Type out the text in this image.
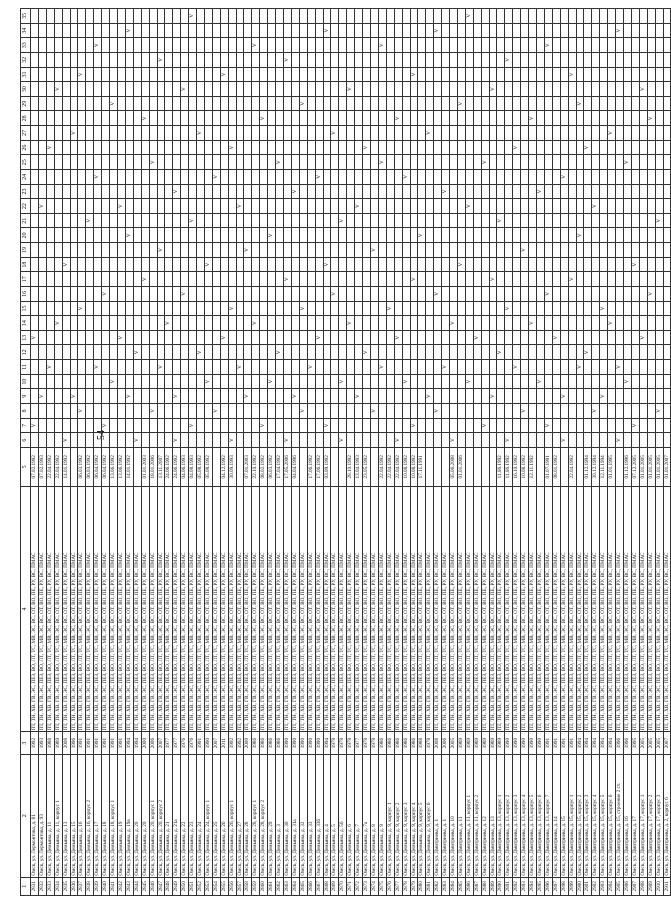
54
1	2	3	4	5	6	7	8	9	10	11	12	13	14	15	16	17	18	19	20	21	22	23	24	25	26	27	28	29	30	31	32	33	34	35
2831	Омск, ул. Лермонтова, д. 81	1992	ПТ, ТН, ХВ, ГВ, ЭС, ПЕЗ, ВО, ЛТ, ТС, МВ, ЭС, ВС, ОТ, ВО, ПЕ, РУ, ВС, ПМАС	07.02.1992		V						V																						
2832	Омск, ул. Лермонтова, д. 93	1993	ПТ, ТН, ХВ, ГВ, ЭС, ПЕЗ, ВО, ЛТ, ТС, МВ, ЭС, ВС, ОТ, ВО, ПЕ, РУ, ВС, ПМАС	07.02.1993				V													V													
2833	Омск, ул. Демьяна, д. 11	1988	ПТ, ТН, ХВ, ГВ, ЭС, ПЕЗ, ВО, ЛТ, ТС, МВ, ЭС, ВС, ОТ, ВО, ПЕ, РУ, ВС, ПМАС	22.04.1992						V															V									
2834	Омск, ул. Демьяна, д. 11, корпус 1	1989	ПТ, ТН, ХВ, ГВ, ЭС, ПЕЗ, ВО, ЛТ, ТС, МВ, ЭС, ВС, ОТ, ВО, ПЕ, РУ, ВС, ПМАС	22.04.1992									V																V					
2835	Омск, ул. Демьяна, д. 13	2008	ПТ, ТН, ХВ, ГВ, ЭС, ПЕЗ, ВО, ЛТ, ТС, МВ, ЭС, ВС, ОТ, ВО, ПЕ, РУ, ВС, ПМАС	14.01.1992	V												V																	
2836	Омск, ул. Демьяна, д. 15	1996	ПТ, ТН, ХВ, ГВ, ЭС, ПЕЗ, ВО, ЛТ, ТС, МВ, ЭС, ВС, ОТ, ВО, ПЕ, РУ, ВС, ПМАС					V																		V								
2837	Омск, ул. Демьяна, д. 16	1991	ПТ, ТН, ХВ, ГВ, ЭС, ПЕЗ, ВО, ЛТ, ТС, МВ, ЭС, ВС, ОТ, ВО, ПЕ, РУ, ВС, ПМАС	06.03.1992			V							V																V				
2838	Омск, ул. Демьяна, д. 16, корпус 2	1991	ПТ, ТН, ХВ, ГВ, ЭС, ПЕЗ, ВО, ЛТ, ТС, МВ, ЭС, ВС, ОТ, ВО, ПЕ, РУ, ВС, ПМАС	06.03.1992																V														
2839	Омск, ул. Демьяна, д. 17	1991	ПТ, ТН, ХВ, ГВ, ЭС, ПЕЗ, ВО, ЛТ, ТС, МВ, ЭС, ВС, ОТ, ВО, ПЕ, РУ, ВС, ПМАС	06.04.1992						V													V									V		
2840	Омск, ул. Демьяна, д. 18	1991	ПТ, ТН, ХВ, ГВ, ЭС, ПЕЗ, ВО, ЛТ, ТС, МВ, ЭС, ВС, ОТ, ВО, ПЕ, РУ, ВС, ПМАС	06.04.1992		V									V																			
2841	Омск, ул. Демьяна, д. 18, корпус 1	1991	ПТ, ТН, ХВ, ГВ, ЭС, ПЕЗ, ВО, ЛТ, ТС, МВ, ЭС, ВС, ОТ, ВО, ПЕ, РУ, ВС, ПМАС	13.06.1992					V																			V						
2842	Омск, ул. Демьяна, д. 19	1991	ПТ, ТН, ХВ, ГВ, ЭС, ПЕЗ, ВО, ЛТ, ТС, МВ, ЭС, ВС, ОТ, ВО, ПЕ, РУ, ВС, ПМАС	13.06.1992								V									V													
2843	Омск, ул. Демьяна, д. 19а	1994	ПТ, ТН, ХВ, ГВ, ЭС, ПЕЗ, ВО, ЛТ, ТС, МВ, ЭС, ВС, ОТ, ВО, ПЕ, РУ, ВС, ПМАС	14.01.1992				V											V														V	
2844	Омск, ул. Демьяна, д. 20	1994	ПТ, ТН, ХВ, ГВ, ЭС, ПЕЗ, ВО, ЛТ, ТС, МВ, ЭС, ВС, ОТ, ВО, ПЕ, РУ, ВС, ПМАС		V						V																							
2845	Омск, ул. Демьяна, д. 20	2000	ПТ, ТН, ХВ, ГВ, ЭС, ПЕЗ, ВО, ЛТ, ТС, МВ, ЭС, ВС, ОТ, ВО, ПЕ, РУ, ВС, ПМАС	01.01.2003												V											V							
2846	Омск, ул. Демьяна, д. 20, корпус 1	2006	ПТ, ТН, ХВ, ГВ, ЭС, ПЕЗ, ВО, ЛТ, ТС, МВ, ЭС, ВС, ОТ, ВО, ПЕ, РУ, ВС, ПМАС	18.01.2006			V																	V										
2847	Омск, ул. Демьяна, д. 20, корпус 2	2007	ПТ, ТН, ХВ, ГВ, ЭС, ПЕЗ, ВО, ЛТ, ТС, МВ, ЭС, ВС, ОТ, ВО, ПЕ, РУ, ВС, ПМАС	13.11.2007						V								V													V			
2848	Омск, ул. Демьяна, д. 21	1977	ПТ, ТН, ХВ, ГВ, ЭС, ПЕЗ, ВО, ЛТ, ТС, МВ, ЭС, ВС, ОТ, ВО, ПЕ, РУ, ВС, ПМАС	24.06.1992									V																					
2849	Омск, ул. Демьяна, д. 21а	1977	ПТ, ТН, ХВ, ГВ, ЭС, ПЕЗ, ВО, ЛТ, ТС, МВ, ЭС, ВС, ОТ, ВО, ПЕ, РУ, ВС, ПМАС	24.06.1992	V			V														V												
2850	Омск, ул. Демьяна, д. 22	1976	ПТ, ТН, ХВ, ГВ, ЭС, ПЕЗ, ВО, ЛТ, ТС, МВ, ЭС, ВС, ОТ, ВО, ПЕ, РУ, ВС, ПМАС	04.06.1993											V														V					
2851	Омск, ул. Демьяна, д. 23	1976	ПТ, ТН, ХВ, ГВ, ЭС, ПЕЗ, ВО, ЛТ, ТС, МВ, ЭС, ВС, ОТ, ВО, ПЕ, РУ, ВС, ПМАС	04.08.1993		V														V														V
2852	Омск, ул. Демьяна, д. 24	1991	ПТ, ТН, ХВ, ГВ, ЭС, ПЕЗ, ВО, ЛТ, ТС, МВ, ЭС, ВС, ОТ, ВО, ПЕ, РУ, ВС, ПМАС	05.08.1992							V															V								
2853	Омск, ул. Демьяна, д. 24, корпус 1	1990	ПТ, ТН, ХВ, ГВ, ЭС, ПЕЗ, ВО, ЛТ, ТС, МВ, ЭС, ВС, ОТ, ВО, ПЕ, РУ, ВС, ПМАС	05.08.1992					V								V																	
2854	Омск, ул. Демьяна, д. 25	2007	ПТ, ТН, ХВ, ГВ, ЭС, ПЕЗ, ВО, ЛТ, ТС, МВ, ЭС, ВС, ОТ, ВО, ПЕ, РУ, ВС, ПМАС				V																V											
2855	Омск, ул. Демьяна, д. 26	2011	ПТ, ТН, ХВ, ГВ, ЭС, ПЕЗ, ВО, ЛТ, ТС, МВ, ЭС, ВС, ОТ, ВО, ПЕ, РУ, ВС, ПМАС	04.12.1992								V																		V				
2856	Омск, ул. Демьяна, д. 26, корпус 1	1992	ПТ, ТН, ХВ, ГВ, ЭС, ПЕЗ, ВО, ЛТ, ТС, МВ, ЭС, ВС, ОТ, ВО, ПЕ, РУ, ВС, ПМАС	30.09.1993	V									V											V									
2857	Омск, ул. Демьяна, д. 27	1992	ПТ, ТН, ХВ, ГВ, ЭС, ПЕЗ, ВО, ЛТ, ТС, МВ, ЭС, ВС, ОТ, ВО, ПЕ, РУ, ВС, ПМАС							V											V													
2858	Омск, ул. Демьяна, д. 28	2000	ПТ, ТН, ХВ, ГВ, ЭС, ПЕЗ, ВО, ЛТ, ТС, МВ, ЭС, ВС, ОТ, ВО, ПЕ, РУ, ВС, ПМАС	07.01.2003				V										V																
2859	Омск, ул. Демьяна, д. 28, корпус 1	1986	ПТ, ТН, ХВ, ГВ, ЭС, ПЕЗ, ВО, ЛТ, ТС, МВ, ЭС, ВС, ОТ, ВО, ПЕ, РУ, ВС, ПМАС	22.10.1992									V																			V		
2860	Омск, ул. Демьяна, д. 28, корпус 2	1986	ПТ, ТН, ХВ, ГВ, ЭС, ПЕЗ, ВО, ЛТ, ТС, МВ, ЭС, ВС, ОТ, ВО, ПЕ, РУ, ВС, ПМАС	08.02.1992		V																					V							
2861	Омск, ул. Демьяна, д. 29	1986	ПТ, ТН, ХВ, ГВ, ЭС, ПЕЗ, ВО, ЛТ, ТС, МВ, ЭС, ВС, ОТ, ВО, ПЕ, РУ, ВС, ПМАС	06.03.1992					V										V															
2862	Омск, ул. Демьяна, д. 3	1986	ПТ, ТН, ХВ, ГВ, ЭС, ПЕЗ, ВО, ЛТ, ТС, МВ, ЭС, ВС, ОТ, ВО, ПЕ, РУ, ВС, ПМАС	17.04.1992							V													V										
2863	Омск, ул. Демьяна, д. 30	1990	ПТ, ТН, ХВ, ГВ, ЭС, ПЕЗ, ВО, ЛТ, ТС, МВ, ЭС, ВС, ОТ, ВО, ПЕ, РУ, ВС, ПМАС	17.05.2006	V											V															V			
2864	Омск, ул. Демьяна, д. 31а	1990	ПТ, ТН, ХВ, ГВ, ЭС, ПЕЗ, ВО, ЛТ, ТС, МВ, ЭС, ВС, ОТ, ВО, ПЕ, РУ, ВС, ПМАС	04.04.1996				V														V												
2865	Омск, ул. Демьяна, д. 32	1990	ПТ, ТН, ХВ, ГВ, ЭС, ПЕЗ, ВО, ЛТ, ТС, МВ, ЭС, ВС, ОТ, ВО, ПЕ, РУ, ВС, ПМАС				V							V														V						
2866	Омск, ул. Демьяна, д. 33	1990	ПТ, ТН, ХВ, ГВ, ЭС, ПЕЗ, ВО, ЛТ, ТС, МВ, ЭС, ВС, ОТ, ВО, ПЕ, РУ, ВС, ПМАС	17.06.1992						V																								
2867	Омск, ул. Демьяна, д. 33б	1990	ПТ, ТН, ХВ, ГВ, ЭС, ПЕЗ, ВО, ЛТ, ТС, МВ, ЭС, ВС, ОТ, ВО, ПЕ, РУ, ВС, ПМАС	17.06.1992								V											V											
2868	Омск, ул. Демьяна, д. 4	1994	ПТ, ТН, ХВ, ГВ, ЭС, ПЕЗ, ВО, ЛТ, ТС, МВ, ЭС, ВС, ОТ, ВО, ПЕ, РУ, ВС, ПМАС	03.09.1992		V											V																V	
2869	Омск, ул. Демьяна, д. 5	1978	ПТ, ТН, ХВ, ГВ, ЭС, ПЕЗ, ВО, ЛТ, ТС, МВ, ЭС, ВС, ОТ, ВО, ПЕ, РУ, ВС, ПМАС												V											V								
2870	Омск, ул. Демьяна, д. 5б	1978	ПТ, ТН, ХВ, ГВ, ЭС, ПЕЗ, ВО, ЛТ, ТС, МВ, ЭС, ВС, ОТ, ВО, ПЕ, РУ, ВС, ПМАС		V				V											V														
2871	Омск, ул. Демьяна, д. 6	1978	ПТ, ТН, ХВ, ГВ, ЭС, ПЕЗ, ВО, ЛТ, ТС, МВ, ЭС, ВС, ОТ, ВО, ПЕ, РУ, ВС, ПМАС	28.10.1992									V																V					
2872	Омск, ул. Демьяна, д. 7	1977	ПТ, ТН, ХВ, ГВ, ЭС, ПЕЗ, ВО, ЛТ, ТС, МВ, ЭС, ВС, ОТ, ВО, ПЕ, РУ, ВС, ПМАС	13.04.1993				V													V													
2873	Омск, ул. Демьяна, д. 7а	1978	ПТ, ТН, ХВ, ГВ, ЭС, ПЕЗ, ВО, ЛТ, ТС, МВ, ЭС, ВС, ОТ, ВО, ПЕ, РУ, ВС, ПМАС	23.05.1992							V														V									
2874	Омск, ул. Демьяна, д. 8	1978	ПТ, ТН, ХВ, ГВ, ЭС, ПЕЗ, ВО, ЛТ, ТС, МВ, ЭС, ВС, ОТ, ВО, ПЕ, РУ, ВС, ПМАС				V											V																
2875	Омск, ул. Демьяна, д. 9	1986	ПТ, ТН, ХВ, ГВ, ЭС, ПЕЗ, ВО, ЛТ, ТС, МВ, ЭС, ВС, ОТ, ВО, ПЕ, РУ, ВС, ПМАС	22.04.1992						V														V								V		
2876	Омск, ул. Демьяна, д. 9, корпус 1	1986	ПТ, ТН, ХВ, ГВ, ЭС, ПЕЗ, ВО, ЛТ, ТС, МВ, ЭС, ВС, ОТ, ВО, ПЕ, РУ, ВС, ПМАС	22.04.1992										V																				
2877	Омск, ул. Демьяна, д. 9, корпус 2	1986	ПТ, ТН, ХВ, ГВ, ЭС, ПЕЗ, ВО, ЛТ, ТС, МВ, ЭС, ВС, ОТ, ВО, ПЕ, РУ, ВС, ПМАС	22.04.1992	V							V															V							
2878	Омск, ул. Демьяна, д. 9, корпус 3	1986	ПТ, ТН, ХВ, ГВ, ЭС, ПЕЗ, ВО, ЛТ, ТС, МВ, ЭС, ВС, ОТ, ВО, ПЕ, РУ, ВС, ПМАС	10.08.1992					V														V											
2879	Омск, ул. Демьяна, д. 9, корпус 4	1986	ПТ, ТН, ХВ, ГВ, ЭС, ПЕЗ, ВО, ЛТ, ТС, МВ, ЭС, ВС, ОТ, ВО, ПЕ, РУ, ВС, ПМАС	10.08.1992		V										V														V				
2880	Омск, ул. Демьяна, д. 9, корпус 5	1988	ПТ, ТН, ХВ, ГВ, ЭС, ПЕЗ, ВО, ЛТ, ТС, МВ, ЭС, ВС, ОТ, ВО, ПЕ, РУ, ВС, ПМАС	17.11.1991															V															
2881	Омск, ул. Демьяна, д. 9, корпус 6	1978	ПТ, ТН, ХВ, ГВ, ЭС, ПЕЗ, ВО, ЛТ, ТС, МВ, ЭС, ВС, ОТ, ВО, ПЕ, РУ, ВС, ПМАС					V																		V								
2882	Омск, ул. Дмитриева, д. 1	2008	ПТ, ТН, ХВ, ГВ, ЭС, ПЕЗ, ВО, ЛТ, ТС, МВ, ЭС, ВС, ОТ, ВО, ПЕ, РУ, ВС, ПМАС				V								V																		V	
2883	Омск, ул. Дмитриева, д. 1	2006	ПТ, ТН, ХВ, ГВ, ЭС, ПЕЗ, ВО, ЛТ, ТС, МВ, ЭС, ВС, ОТ, ВО, ПЕ, РУ, ВС, ПМАС							V												V												
2884	Омск, ул. Дмитриева, д. 10	2005	ПТ, ТН, ХВ, ГВ, ЭС, ПЕЗ, ВО, ЛТ, ТС, МВ, ЭС, ВС, ОТ, ВО, ПЕ, РУ, ВС, ПМАС	05.06.2008	V								V																					
2885	Омск, ул. Дмитриева, д. 11	1989	ПТ, ТН, ХВ, ГВ, ЭС, ПЕЗ, ВО, ЛТ, ТС, МВ, ЭС, ВС, ОТ, ВО, ПЕ, РУ, ВС, ПМАС	01.01.2006													V											V						
2886	Омск, ул. Дмитриева, д. 11, корпус 1	1989	ПТ, ТН, ХВ, ГВ, ЭС, ПЕЗ, ВО, ЛТ, ТС, МВ, ЭС, ВС, ОТ, ВО, ПЕ, РУ, ВС, ПМАС						V												V													V
2887	Омск, ул. Дмитриева, д. 11, корпус 2	1989	ПТ, ТН, ХВ, ГВ, ЭС, ПЕЗ, ВО, ЛТ, ТС, МВ, ЭС, ВС, ОТ, ВО, ПЕ, РУ, ВС, ПМАС									V																						
2888	Омск, ул. Дмитриева, д. 12	1989	ПТ, ТН, ХВ, ГВ, ЭС, ПЕЗ, ВО, ЛТ, ТС, МВ, ЭС, ВС, ОТ, ВО, ПЕ, РУ, ВС, ПМАС			V																		V										
2889	Омск, ул. Дмитриева, д. 13	1989	ПТ, ТН, ХВ, ГВ, ЭС, ПЕЗ, ВО, ЛТ, ТС, МВ, ЭС, ВС, ОТ, ВО, ПЕ, РУ, ВС, ПМАС					V								V													V					
2890	Омск, ул. Дмитриева, д. 13, корпус 1	1989	ПТ, ТН, ХВ, ГВ, ЭС, ПЕЗ, ВО, ЛТ, ТС, МВ, ЭС, ВС, ОТ, ВО, ПЕ, РУ, ВС, ПМАС	11.06.1992							V									V														
2891	Омск, ул. Дмитриева, д. 13, корпус 2	1990	ПТ, ТН, ХВ, ГВ, ЭС, ПЕЗ, ВО, ЛТ, ТС, МВ, ЭС, ВС, ОТ, ВО, ПЕ, РУ, ВС, ПМАС	11.06.1992	V									V																	V			
2892	Омск, ул. Дмитриева, д. 13, корпус 3	1990	ПТ, ТН, ХВ, ГВ, ЭС, ПЕЗ, ВО, ЛТ, ТС, МВ, ЭС, ВС, ОТ, ВО, ПЕ, РУ, ВС, ПМАС	16.10.1992						V															V									
2893	Омск, ул. Дмитриева, д. 13, корпус 4	1990	ПТ, ТН, ХВ, ГВ, ЭС, ПЕЗ, ВО, ЛТ, ТС, МВ, ЭС, ВС, ОТ, ВО, ПЕ, РУ, ВС, ПМАС	10.08.1992			V											V																
2894	Омск, ул. Дмитриева, д. 13, корпус 5	1990	ПТ, ТН, ХВ, ГВ, ЭС, ПЕЗ, ВО, ЛТ, ТС, МВ, ЭС, ВС, ОТ, ВО, ПЕ, РУ, ВС, ПМАС	12.11.1992									V														V							
2895	Омск, ул. Дмитриева, д. 13, корпус 6	1990	ПТ, ТН, ХВ, ГВ, ЭС, ПЕЗ, ВО, ЛТ, ТС, МВ, ЭС, ВС, ОТ, ВО, ПЕ, РУ, ВС, ПМАС						V													V												
2896	Омск, ул. Дмитриева, д. 13, корпус 7	1991	ПТ, ТН, ХВ, ГВ, ЭС, ПЕЗ, ВО, ЛТ, ТС, МВ, ЭС, ВС, ОТ, ВО, ПЕ, РУ, ВС, ПМАС	01.07.1991		V									V																	V		
2897	Омск, ул. Дмитриева, д. 14	1991	ПТ, ТН, ХВ, ГВ, ЭС, ПЕЗ, ВО, ЛТ, ТС, МВ, ЭС, ВС, ОТ, ВО, ПЕ, РУ, ВС, ПМАС	08.01.1992								V																						
2898	Омск, ул. Дмитриева, д. 15	1991	ПТ, ТН, ХВ, ГВ, ЭС, ПЕЗ, ВО, ЛТ, ТС, МВ, ЭС, ВС, ОТ, ВО, ПЕ, РУ, ВС, ПМАС		V			V															V											
2899	Омск, ул. Дмитриева, д. 15, корпус 1	1991	ПТ, ТН, ХВ, ГВ, ЭС, ПЕЗ, ВО, ЛТ, ТС, МВ, ЭС, ВС, ОТ, ВО, ПЕ, РУ, ВС, ПМАС	22.04.1992												V														V				
2900	Омск, ул. Дмитриева, д. 15, корпус 2	1994	ПТ, ТН, ХВ, ГВ, ЭС, ПЕЗ, ВО, ЛТ, ТС, МВ, ЭС, ВС, ОТ, ВО, ПЕ, РУ, ВС, ПМАС							V									V									V						
2901	Омск, ул. Дмитриева, д. 15, корпус 3	1994	ПТ, ТН, ХВ, ГВ, ЭС, ПЕЗ, ВО, ЛТ, ТС, МВ, ЭС, ВС, ОТ, ВО, ПЕ, РУ, ВС, ПМАС	01.12.1994							V														V									
2902	Омск, ул. Дмитриева, д. 15, корпус 4	1994	ПТ, ТН, ХВ, ГВ, ЭС, ПЕЗ, ВО, ЛТ, ТС, МВ, ЭС, ВС, ОТ, ВО, ПЕ, РУ, ВС, ПМАС	30.12.1994			V														V													
2903	Омск, ул. Дмитриева, д. 15, корпус 5	1994	ПТ, ТН, ХВ, ГВ, ЭС, ПЕЗ, ВО, ЛТ, ТС, МВ, ЭС, ВС, ОТ, ВО, ПЕ, РУ, ВС, ПМАС	12.11.1994				V						V																				
2904	Омск, ул. Дмитриева, д. 15, корпус 6	1994	ПТ, ТН, ХВ, ГВ, ЭС, ПЕЗ, ВО, ЛТ, ТС, МВ, ЭС, ВС, ОТ, ВО, ПЕ, РУ, ВС, ПМАС	01.01.1995									V													V								
2905	Омск, ул. Дмитриева, д. 15, строение 2 ст.	1996	ПТ, ТН, ХВ, ГВ, ЭС, ПЕЗ, ВО, ЛТ, ТС, МВ, ЭС, ВС, ОТ, ВО, ПЕ, РУ, ВС, ПМАС		V					V																							V	
2906	Омск, ул. Дмитриева, д. 16	1996	ПТ, ТН, ХВ, ГВ, ЭС, ПЕЗ, ВО, ЛТ, ТС, МВ, ЭС, ВС, ОТ, ВО, ПЕ, РУ, ВС, ПМАС	01.12.1996					V															V										
2907	Омск, ул. Дмитриева, д. 17	1995	ПТ, ТН, ХВ, ГВ, ЭС, ПЕЗ, ВО, ЛТ, ТС, МВ, ЭС, ВС, ОТ, ВО, ПЕ, РУ, ВС, ПМАС	07.12.2005		V											V																	
2908	Омск, ул. Дмитриева, д. 17, корпус 1	2005	ПТ, ТН, ХВ, ГВ, ЭС, ПЕЗ, ВО, ЛТ, ТС, МВ, ЭС, ВС, ОТ, ВО, ПЕ, РУ, ВС, ПМАС	01.01.2005								V																	V					
2909	Омск, ул. Дмитриева, д. 17, корпус 2	2005	ПТ, ТН, ХВ, ГВ, ЭС, ПЕЗ, ВО, ЛТ, ТС, МВ, ЭС, ВС, ОТ, ВО, ПЕ, РУ, ВС, ПМАС	01.01.2005											V												V							
2910	Омск, ул. Дмитриева, д. 17, корпус 3	2005	ПТ, ТН, ХВ, ГВ, ЭС, ПЕЗ, ВО, ЛТ, ТС, МВ, ЭС, ВС, ОТ, ВО, ПЕ, РУ, ВС, ПМАС	01.01.2005			V													V														
2911	Омск, ул. Дмитриева, д. 2, корпус 6	2007	ПТ, ТН, ХВ, ГВ, ЭС, ПЕЗ, ВО, ЛТ, ТС, МВ, ЭС, ВС, ОТ, ВО, ПЕ, РУ, ВС, ПМАС	01.01.2007																														
